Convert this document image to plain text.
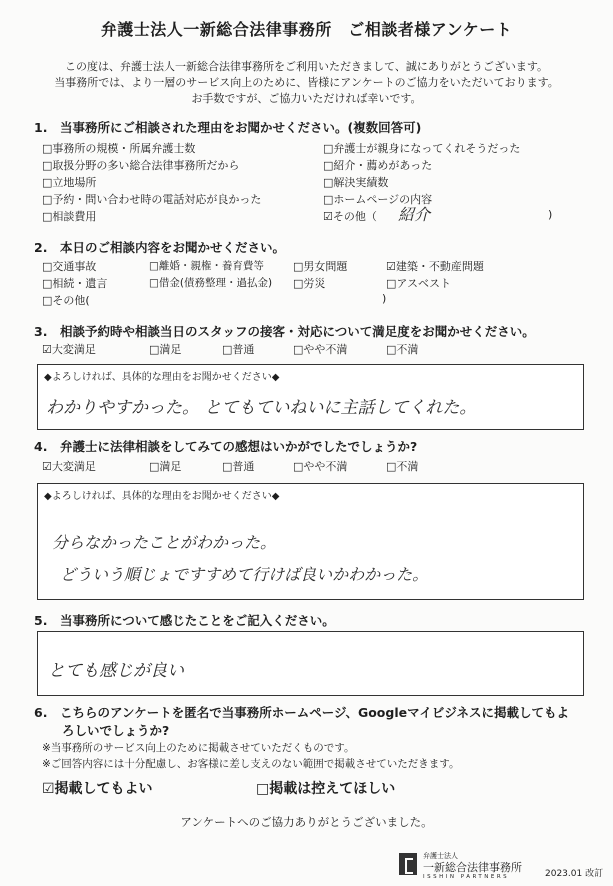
弁護士法人一新総合法律事務所　ご相談者様アンケート
この度は、弁護士法人一新総合法律事務所をご利用いただきまして、誠にありがとうございます。
当事務所では、より一層のサービス向上のために、皆様にアンケートのご協力をいただいております。
お手数ですが、ご協力いただければ幸いです。
1.　当事務所にご相談された理由をお聞かせください。(複数回答可)
□事務所の規模・所属弁護士数
□取扱分野の多い総合法律事務所だから
□立地場所
□予約・問い合わせ時の電話対応が良かった
□相談費用
□弁護士が親身になってくれそうだった
□紹介・薦めがあった
□解決実績数
□ホームページの内容
☑その他（ 紹介	)
2.　本日のご相談内容をお聞かせください。
□交通事故	□離婚・親権・養育費等	□男女問題	☑建築・不動産問題
□相続・遺言	□借金(債務整理・過払金) □労災	□アスベスト
□その他(	)
3.　相談予約時や相談当日のスタッフの接客・対応について満足度をお聞かせください。
☑大変満足	□満足	□普通	□やや不満	□不満
◆よろしければ、具体的な理由をお聞かせください◆
わかりやすかった。 とてもていねいに主話してくれた。
4.　弁護士に法律相談をしてみての感想はいかがでしたでしょうか?
☑大変満足	□満足	□普通	□やや不満	□不満
◆よろしければ、具体的な理由をお聞かせください◆
分らなかったことがわかった。
どういう順じょですすめて行けば良いかわかった。
5.　当事務所について感じたことをご記入ください。
とても感じが良い
6.　こちらのアンケートを匿名で当事務所ホームページ、Googleマイビジネスに掲載してもよ
ろしいでしょうか?
※当事務所のサービス向上のために掲載させていただくものです。
※ご回答内容には十分配慮し、お客様に差し支えのない範囲で掲載させていただきます。
☑掲載してもよい	□掲載は控えてほしい
アンケートへのご協力ありがとうございました。
弁護士法人
一新総合法律事務所
ISSHIN PARTNERS	2023.01 改訂
